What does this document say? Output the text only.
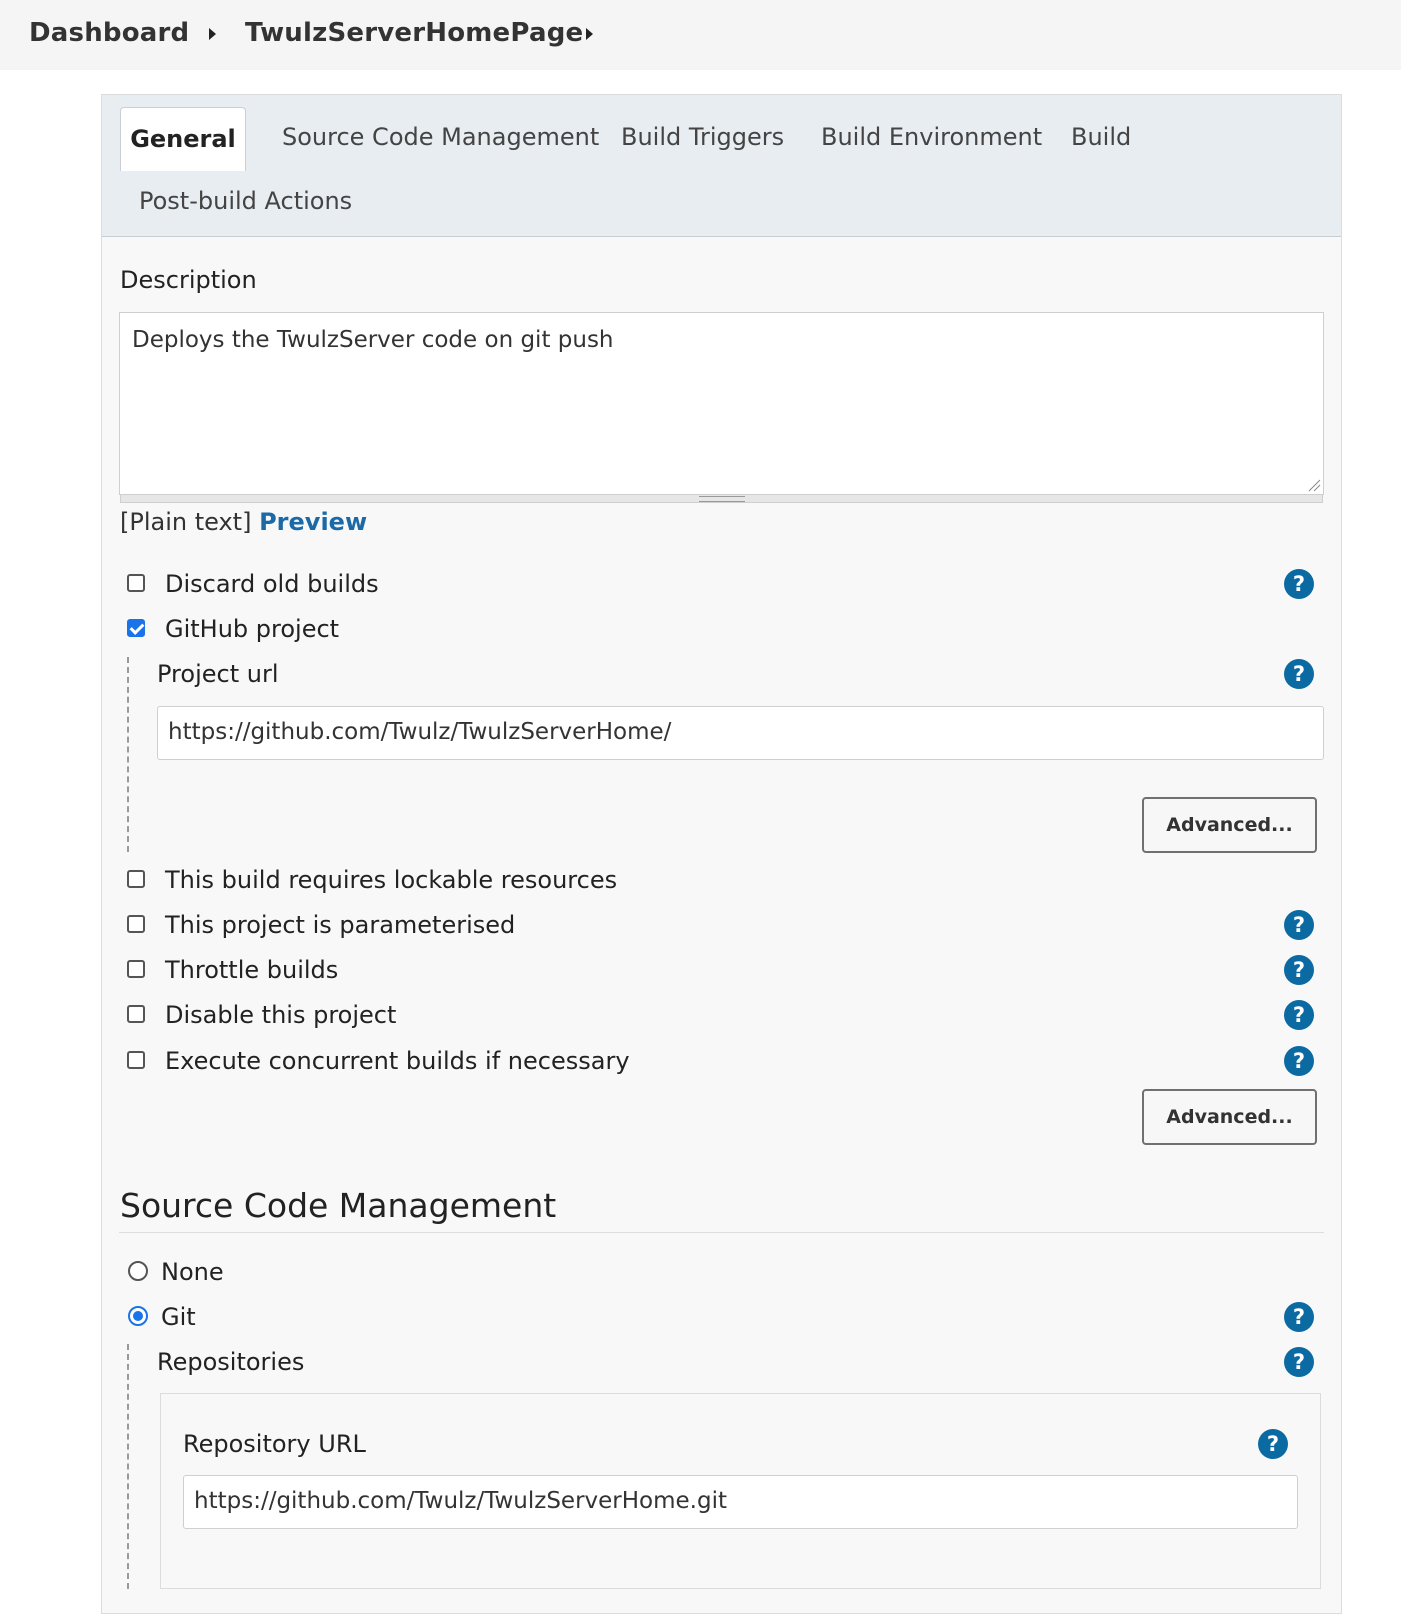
Dashboard TwulzServerHomePage
General	Source Code Management Build Triggers Build Environment Build
Post-build Actions
Description
Deploys the TwulzServer code on git push
[Plain text] Preview
Discard old builds	?
GitHub project
Project url	?
https://github.com/Twulz/TwulzServerHome/
Advanced...
This build requires lockable resources
This project is parameterised	?
Throttle builds	?
Disable this project	?
Execute concurrent builds if necessary	?
Advanced...
Source Code Management
None
Git	?
Repositories	?
Repository URL	?
https://github.com/Twulz/TwulzServerHome.git
